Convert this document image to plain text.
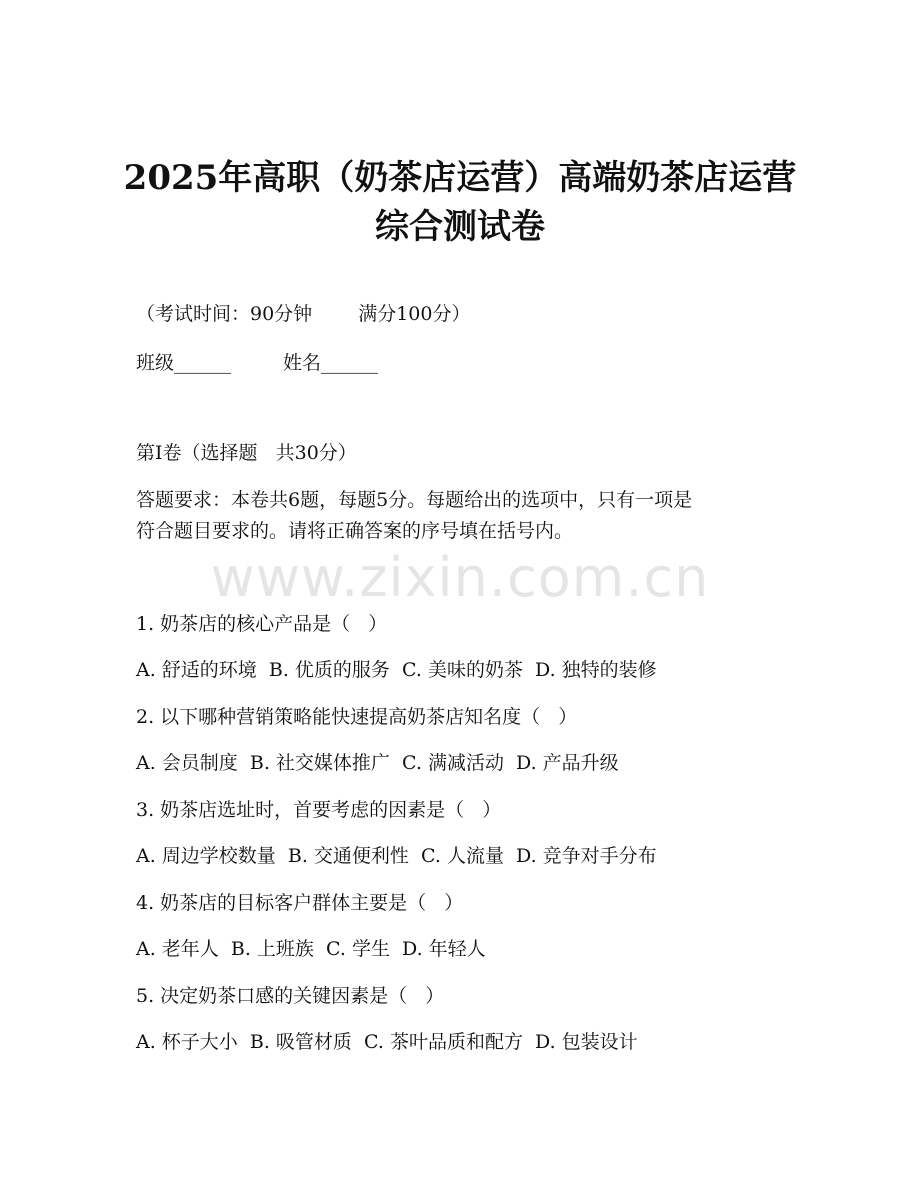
2025年高职（奶茶店运营）高端奶茶店运营
综合测试卷
（考试时间：90分钟 满分100分）
班级______	姓名______
第I卷（选择题   共30分）
答题要求：本卷共6题，每题5分。每题给出的选项中，只有一项是
符合题目要求的。请将正确答案的序号填在括号内。
www.zixin.com.cn
1. 奶茶店的核心产品是（   ）
A. 舒适的环境  B. 优质的服务  C. 美味的奶茶  D. 独特的装修
2. 以下哪种营销策略能快速提高奶茶店知名度（   ）
A. 会员制度  B. 社交媒体推广  C. 满减活动  D. 产品升级
3. 奶茶店选址时，首要考虑的因素是（   ）
A. 周边学校数量  B. 交通便利性  C. 人流量  D. 竞争对手分布
4. 奶茶店的目标客户群体主要是（   ）
A. 老年人  B. 上班族  C. 学生  D. 年轻人
5. 决定奶茶口感的关键因素是（   ）
A. 杯子大小  B. 吸管材质  C. 茶叶品质和配方  D. 包装设计
